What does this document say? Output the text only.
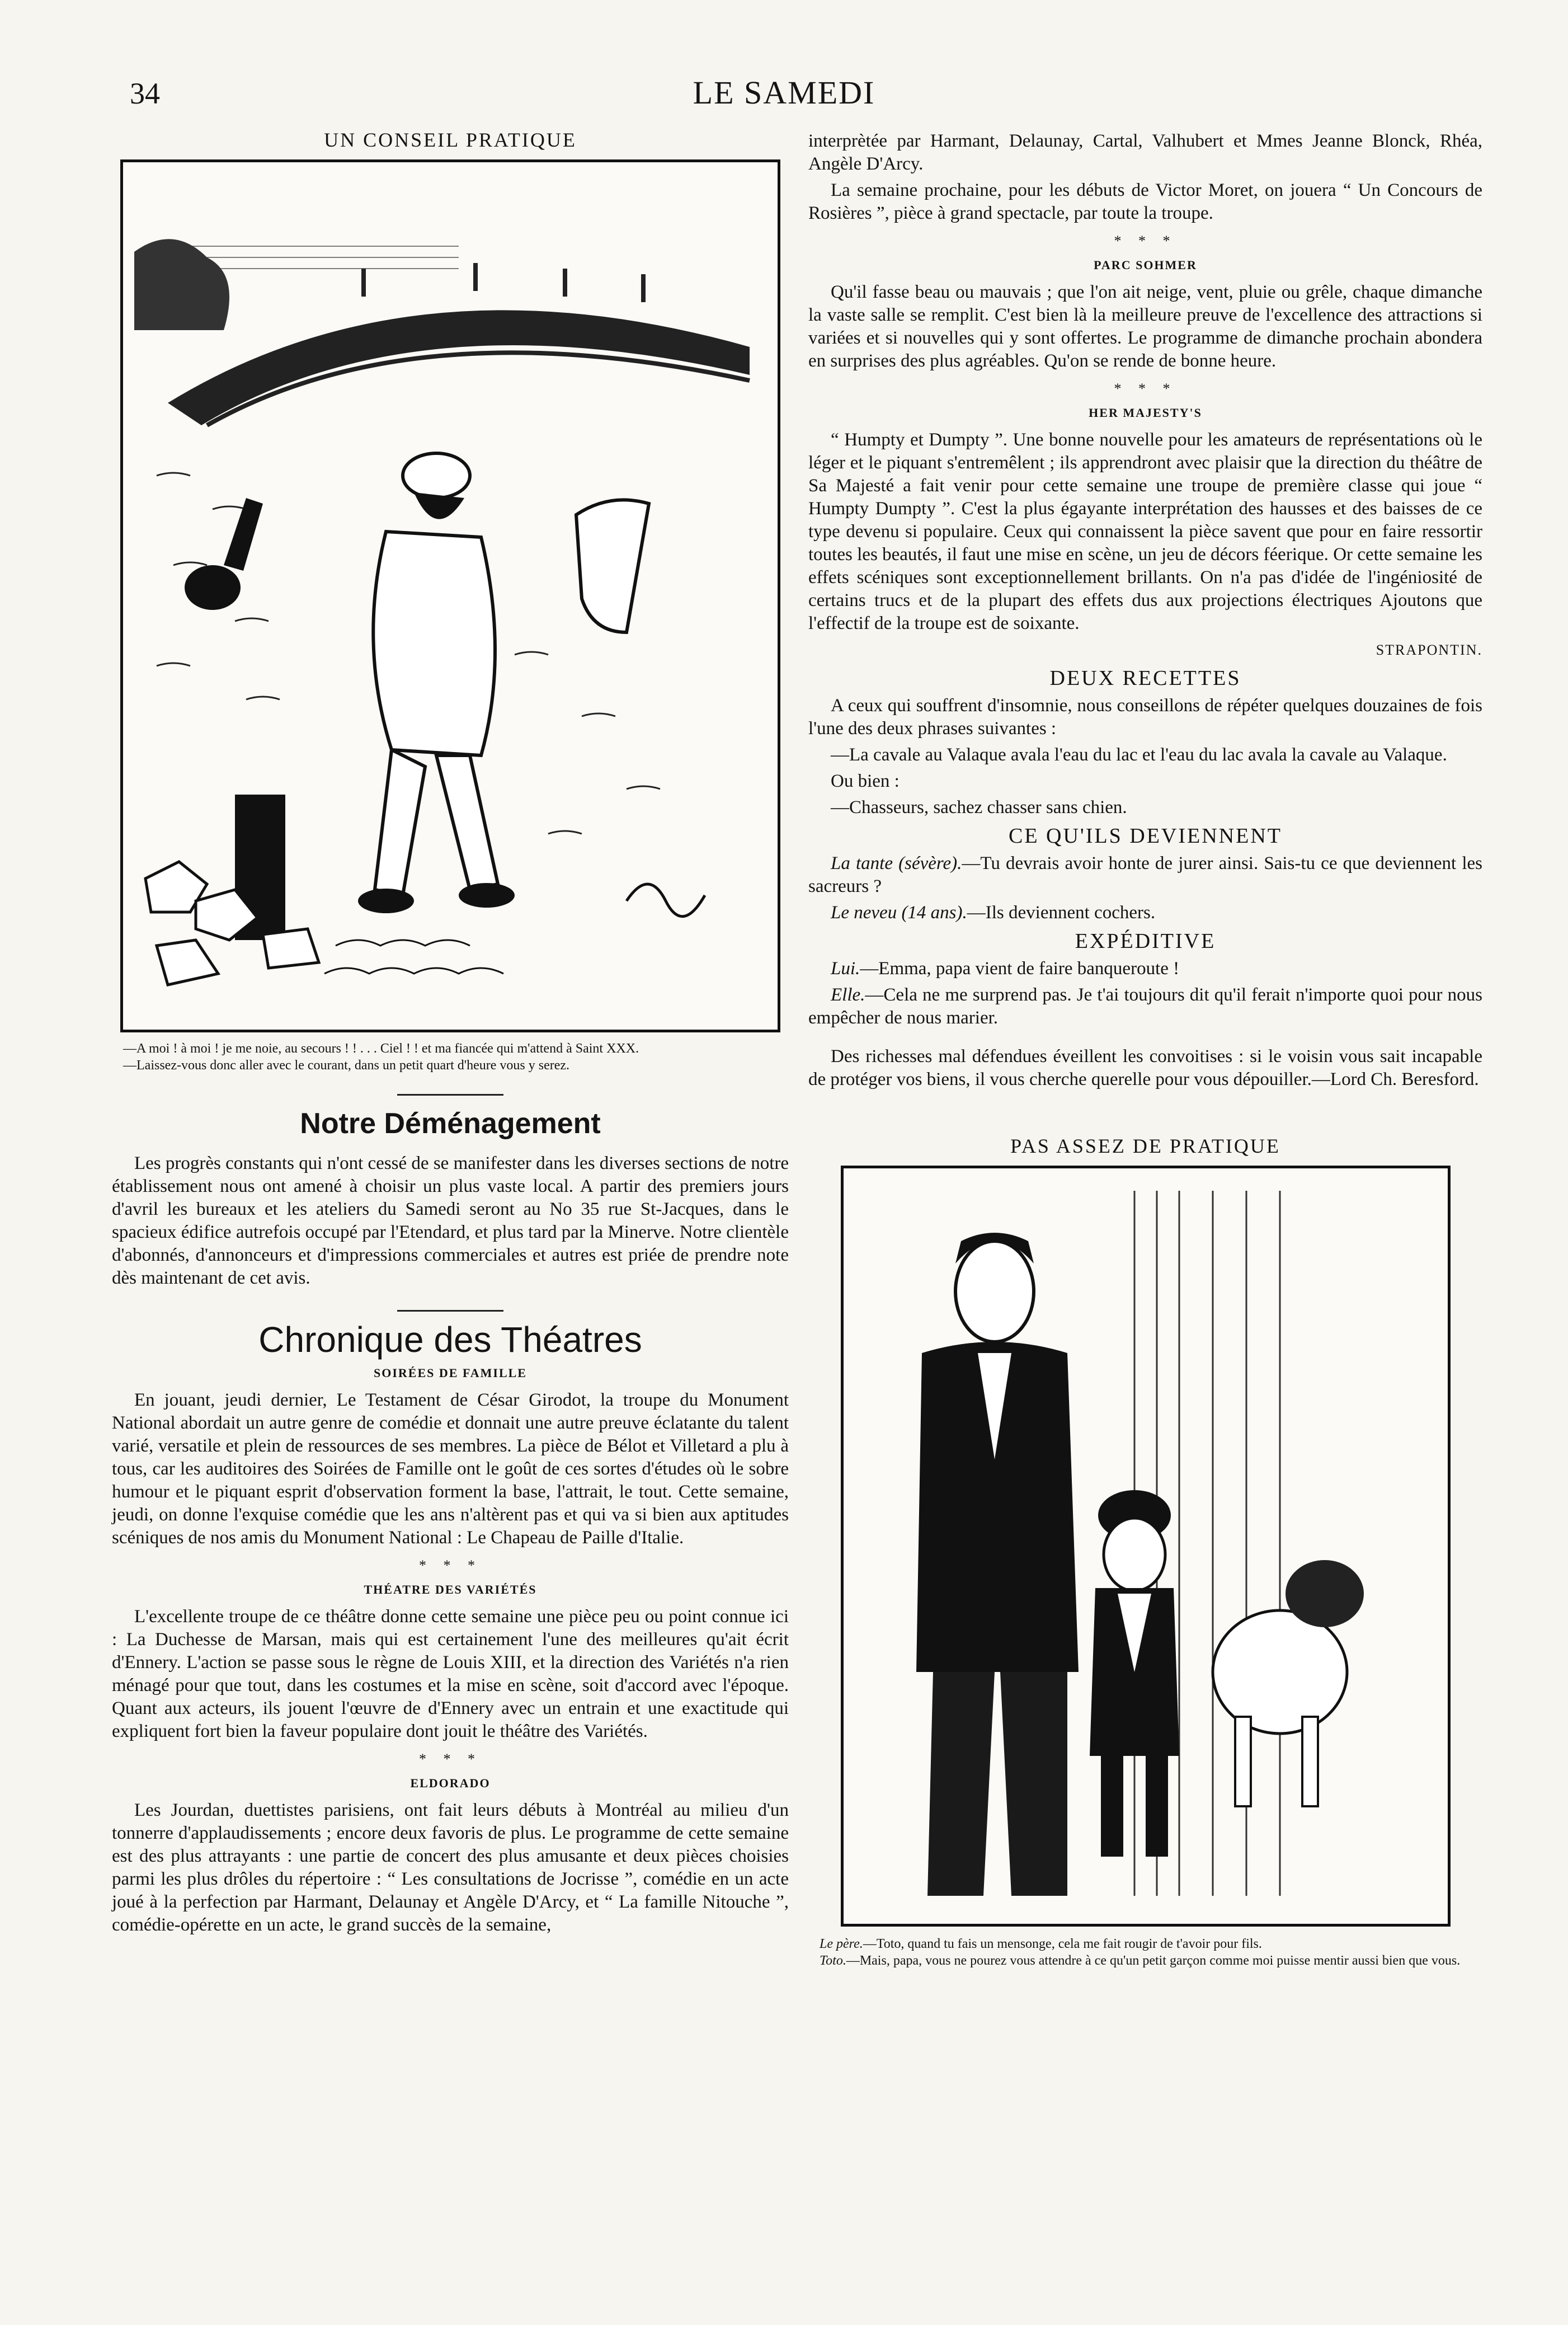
34	LE SAMEDI
UN CONSEIL PRATIQUE

—A moi ! à moi ! je me noie, au secours ! ! . . . Ciel ! ! et ma fiancée qui m'attend à Saint XXX.

—Laissez-vous donc aller avec le courant, dans un petit quart d'heure vous y serez.

Notre Déménagement

Les progrès constants qui n'ont cessé de se manifester dans les diverses sections de notre établissement nous ont amené à choisir un plus vaste local. A partir des premiers jours d'avril les bureaux et les ateliers du Samedi seront au No 35 rue St-Jacques, dans le spacieux édifice autrefois occupé par l'Etendard, et plus tard par la Minerve. Notre clientèle d'abonnés, d'annonceurs et d'impressions commerciales et autres est priée de prendre note dès maintenant de cet avis.

Chronique des Théatres
SOIRÉES DE FAMILLE

En jouant, jeudi dernier, Le Testament de César Girodot, la troupe du Monument National abordait un autre genre de comédie et donnait une autre preuve éclatante du talent varié, versatile et plein de ressources de ses membres. La pièce de Bélot et Villetard a plu à tous, car les auditoires des Soirées de Famille ont le goût de ces sortes d'études où le sobre humour et le piquant esprit d'observation forment la base, l'attrait, le tout. Cette semaine, jeudi, on donne l'exquise comédie que les ans n'altèrent pas et qui va si bien aux aptitudes scéniques de nos amis du Monument National : Le Chapeau de Paille d'Italie.

* * *
THÉATRE DES VARIÉTÉS

L'excellente troupe de ce théâtre donne cette semaine une pièce peu ou point connue ici : La Duchesse de Marsan, mais qui est certainement l'une des meilleures qu'ait écrit d'Ennery. L'action se passe sous le règne de Louis XIII, et la direction des Variétés n'a rien ménagé pour que tout, dans les costumes et la mise en scène, soit d'accord avec l'époque. Quant aux acteurs, ils jouent l'œuvre de d'Ennery avec un entrain et une exactitude qui expliquent fort bien la faveur populaire dont jouit le théâtre des Variétés.

* * *
ELDORADO

Les Jourdan, duettistes parisiens, ont fait leurs débuts à Montréal au milieu d'un tonnerre d'applaudissements ; encore deux favoris de plus. Le programme de cette semaine est des plus attrayants : une partie de concert des plus amusante et deux pièces choisies parmi les plus drôles du répertoire : “ Les consultations de Jocrisse ”, comédie en un acte joué à la perfection par Harmant, Delaunay et Angèle D'Arcy, et “ La famille Nitouche ”, comédie-opérette en un acte, le grand succès de la semaine,

interprètée par Harmant, Delaunay, Cartal, Valhubert et Mmes Jeanne Blonck, Rhéa, Angèle D'Arcy.

La semaine prochaine, pour les débuts de Victor Moret, on jouera “ Un Concours de Rosières ”, pièce à grand spectacle, par toute la troupe.

* * *
PARC SOHMER

Qu'il fasse beau ou mauvais ; que l'on ait neige, vent, pluie ou grêle, chaque dimanche la vaste salle se remplit. C'est bien là la meilleure preuve de l'excellence des attractions si variées et si nouvelles qui y sont offertes. Le programme de dimanche prochain abondera en surprises des plus agréables. Qu'on se rende de bonne heure.

* * *
HER MAJESTY'S

“ Humpty et Dumpty ”. Une bonne nouvelle pour les amateurs de représentations où le léger et le piquant s'entremêlent ; ils apprendront avec plaisir que la direction du théâtre de Sa Majesté a fait venir pour cette semaine une troupe de première classe qui joue “ Humpty Dumpty ”. C'est la plus égayante interprétation des hausses et des baisses de ce type devenu si populaire. Ceux qui connaissent la pièce savent que pour en faire ressortir toutes les beautés, il faut une mise en scène, un jeu de décors féerique. Or cette semaine les effets scéniques sont exceptionnellement brillants. On n'a pas d'idée de l'ingéniosité de certains trucs et de la plupart des effets dus aux projections électriques Ajoutons que l'effectif de la troupe est de soixante.

STRAPONTIN.
DEUX RECETTES

A ceux qui souffrent d'insomnie, nous conseillons de répéter quelques douzaines de fois l'une des deux phrases suivantes :

—La cavale au Valaque avala l'eau du lac et l'eau du lac avala la cavale au Valaque.

Ou bien :

—Chasseurs, sachez chasser sans chien.

CE QU'ILS DEVIENNENT

La tante (sévère).—Tu devrais avoir honte de jurer ainsi. Sais-tu ce que deviennent les sacreurs ?

Le neveu (14 ans).—Ils deviennent cochers.

EXPÉDITIVE

Lui.—Emma, papa vient de faire banqueroute !

Elle.—Cela ne me surprend pas. Je t'ai toujours dit qu'il ferait n'importe quoi pour nous empêcher de nous marier.

Des richesses mal défendues éveillent les convoitises : si le voisin vous sait incapable de protéger vos biens, il vous cherche querelle pour vous dépouiller.—Lord Ch. Beresford.

PAS ASSEZ DE PRATIQUE

Le père.—Toto, quand tu fais un mensonge, cela me fait rougir de t'avoir pour fils.

Toto.—Mais, papa, vous ne pourez vous attendre à ce qu'un petit garçon comme moi puisse mentir aussi bien que vous.
